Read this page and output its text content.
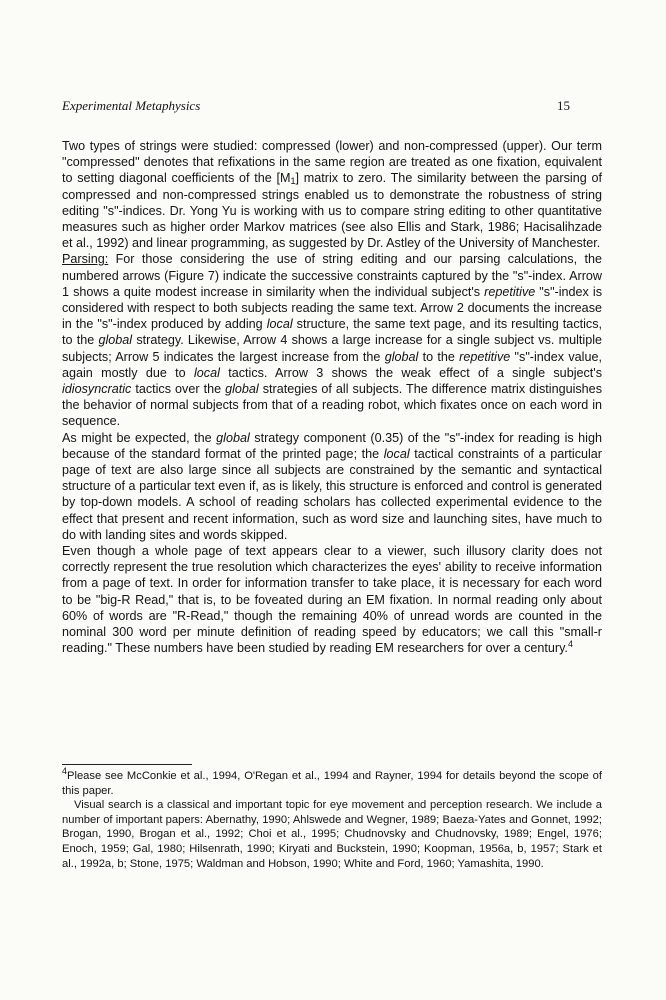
Experimental Metaphysics	15

Two types of strings were studied: compressed (lower) and non-compressed (upper). Our term "compressed" denotes that refixations in the same region are treated as one fixation, equivalent to setting diagonal coefficients of the $[M_1]$ matrix to zero. The similarity between the parsing of compressed and non-compressed strings enabled us to demonstrate the robustness of string editing "s"-indices. Dr. Yong Yu is working with us to compare string editing to other quantitative measures such as higher order Markov matrices (see also Ellis and Stark, 1986; Hacisalihzade et al., 1992) and linear programming, as suggested by Dr. Astley of the University of Manchester.

Parsing: For those considering the use of string editing and our parsing calculations, the numbered arrows (Figure 7) indicate the successive constraints captured by the "s"-index. Arrow 1 shows a quite modest increase in similarity when the individual subject's repetitive "s"-index is considered with respect to both subjects reading the same text. Arrow 2 documents the increase in the "s"-index produced by adding local structure, the same text page, and its resulting tactics, to the global strategy. Likewise, Arrow 4 shows a large increase for a single subject vs. multiple subjects; Arrow 5 indicates the largest increase from the global to the repetitive "s"-index value, again mostly due to local tactics. Arrow 3 shows the weak effect of a single subject's idiosyncratic tactics over the global strategies of all subjects. The difference matrix distinguishes the behavior of normal subjects from that of a reading robot, which fixates once on each word in sequence.

As might be expected, the global strategy component (0.35) of the "s"-index for reading is high because of the standard format of the printed page; the local tactical constraints of a particular page of text are also large since all subjects are constrained by the semantic and syntactical structure of a particular text even if, as is likely, this structure is enforced and control is generated by top-down models. A school of reading scholars has collected experimental evidence to the effect that present and recent information, such as word size and launching sites, have much to do with landing sites and words skipped.

Even though a whole page of text appears clear to a viewer, such illusory clarity does not correctly represent the true resolution which characterizes the eyes' ability to receive information from a page of text. In order for information transfer to take place, it is necessary for each word to be "big-R Read," that is, to be foveated during an EM fixation. In normal reading only about 60% of words are "R-Read," though the remaining 40% of unread words are counted in the nominal 300 word per minute definition of reading speed by educators; we call this "small-r reading." These numbers have been studied by reading EM researchers for over a century.$^4$

$^4$Please see McConkie et al., 1994, O'Regan et al., 1994 and Rayner, 1994 for details beyond the scope of this paper.

Visual search is a classical and important topic for eye movement and perception research. We include a number of important papers: Abernathy, 1990; Ahlswede and Wegner, 1989; Baeza-Yates and Gonnet, 1992; Brogan, 1990, Brogan et al., 1992; Choi et al., 1995; Chudnovsky and Chudnovsky, 1989; Engel, 1976; Enoch, 1959; Gal, 1980; Hilsenrath, 1990; Kiryati and Buckstein, 1990; Koopman, 1956a, b, 1957; Stark et al., 1992a, b; Stone, 1975; Waldman and Hobson, 1990; White and Ford, 1960; Yamashita, 1990.
